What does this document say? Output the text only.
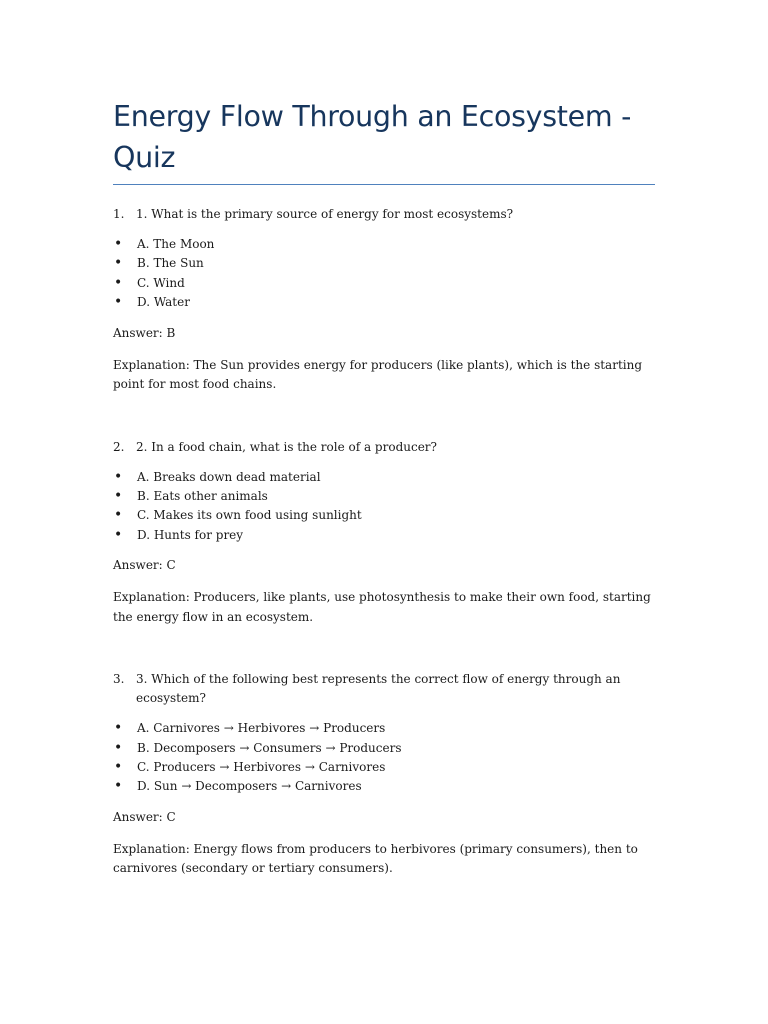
Energy Flow Through an Ecosystem - Quiz
1. 1. What is the primary source of energy for most ecosystems?
•	A. The Moon
•	B. The Sun
•	C. Wind
•	D. Water

Answer: B

Explanation: The Sun provides energy for producers (like plants), which is the starting point for most food chains.

2. 2. In a food chain, what is the role of a producer?
•	A. Breaks down dead material
•	B. Eats other animals
•	C. Makes its own food using sunlight
•	D. Hunts for prey

Answer: C

Explanation: Producers, like plants, use photosynthesis to make their own food, starting the energy flow in an ecosystem.

3. 3. Which of the following best represents the correct flow of energy through an ecosystem?
•	A. Carnivores → Herbivores → Producers
•	B. Decomposers → Consumers → Producers
•	C. Producers → Herbivores → Carnivores
•	D. Sun → Decomposers → Carnivores

Answer: C

Explanation: Energy flows from producers to herbivores (primary consumers), then to carnivores (secondary or tertiary consumers).
